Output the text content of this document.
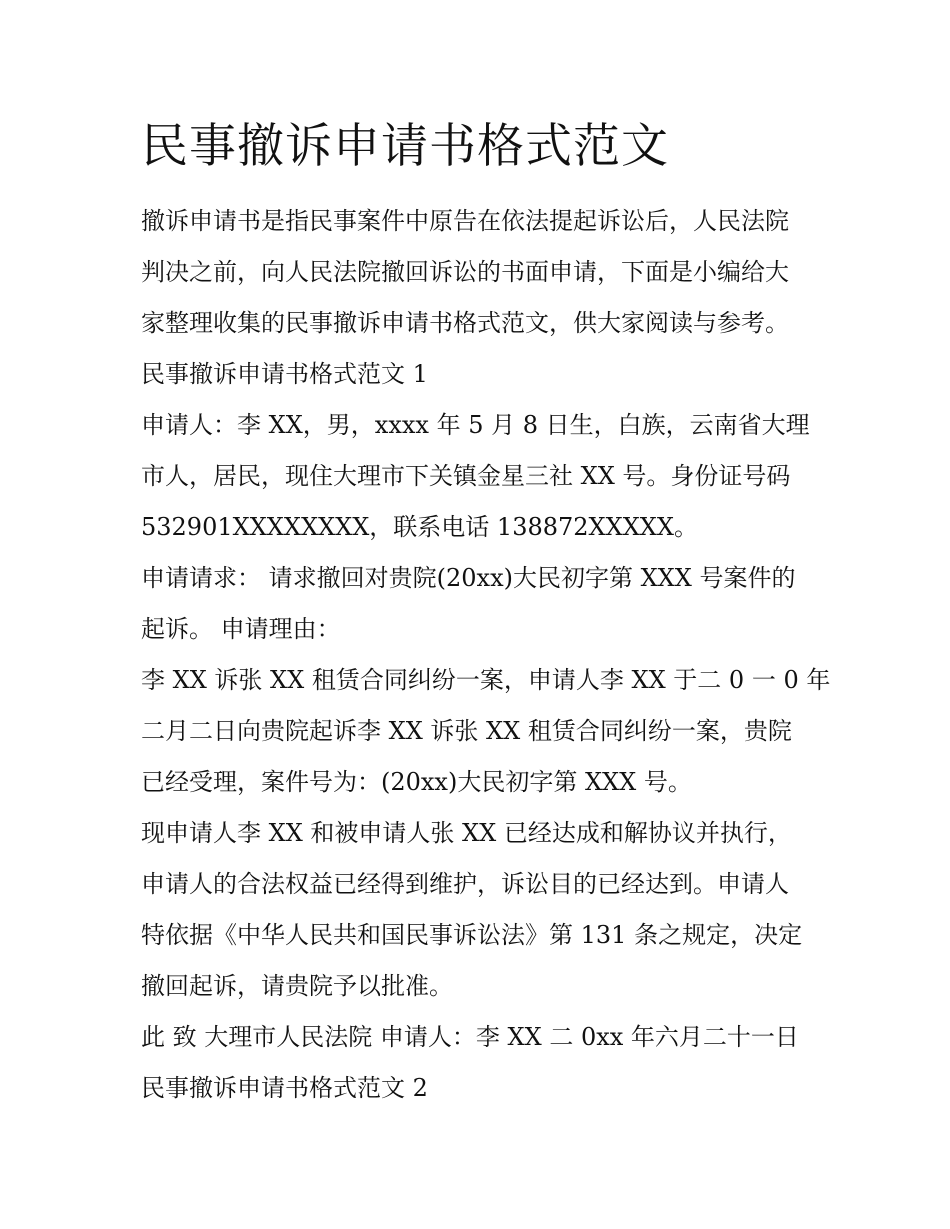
民事撤诉申请书格式范文
撤诉申请书是指民事案件中原告在依法提起诉讼后，人民法院
判决之前，向人民法院撤回诉讼的书面申请，下面是小编给大
家整理收集的民事撤诉申请书格式范文，供大家阅读与参考。
民事撤诉申请书格式范文 1
申请人：李 XX，男，xxxx 年 5 月 8 日生，白族，云南省大理
市人，居民，现住大理市下关镇金星三社 XX 号。身份证号码
532901XXXXXXXX，联系电话 138872XXXXX。
申请请求： 请求撤回对贵院(20xx)大民初字第 XXX 号案件的
起诉。 申请理由：
李 XX 诉张 XX 租赁合同纠纷一案，申请人李 XX 于二 0 一 0 年
二月二日向贵院起诉李 XX 诉张 XX 租赁合同纠纷一案，贵院
已经受理，案件号为：(20xx)大民初字第 XXX 号。
现申请人李 XX 和被申请人张 XX 已经达成和解协议并执行，
申请人的合法权益已经得到维护，诉讼目的已经达到。申请人
特依据《中华人民共和国民事诉讼法》第 131 条之规定，决定
撤回起诉，请贵院予以批准。
此 致 大理市人民法院 申请人：李 XX 二 0xx 年六月二十一日
民事撤诉申请书格式范文 2
